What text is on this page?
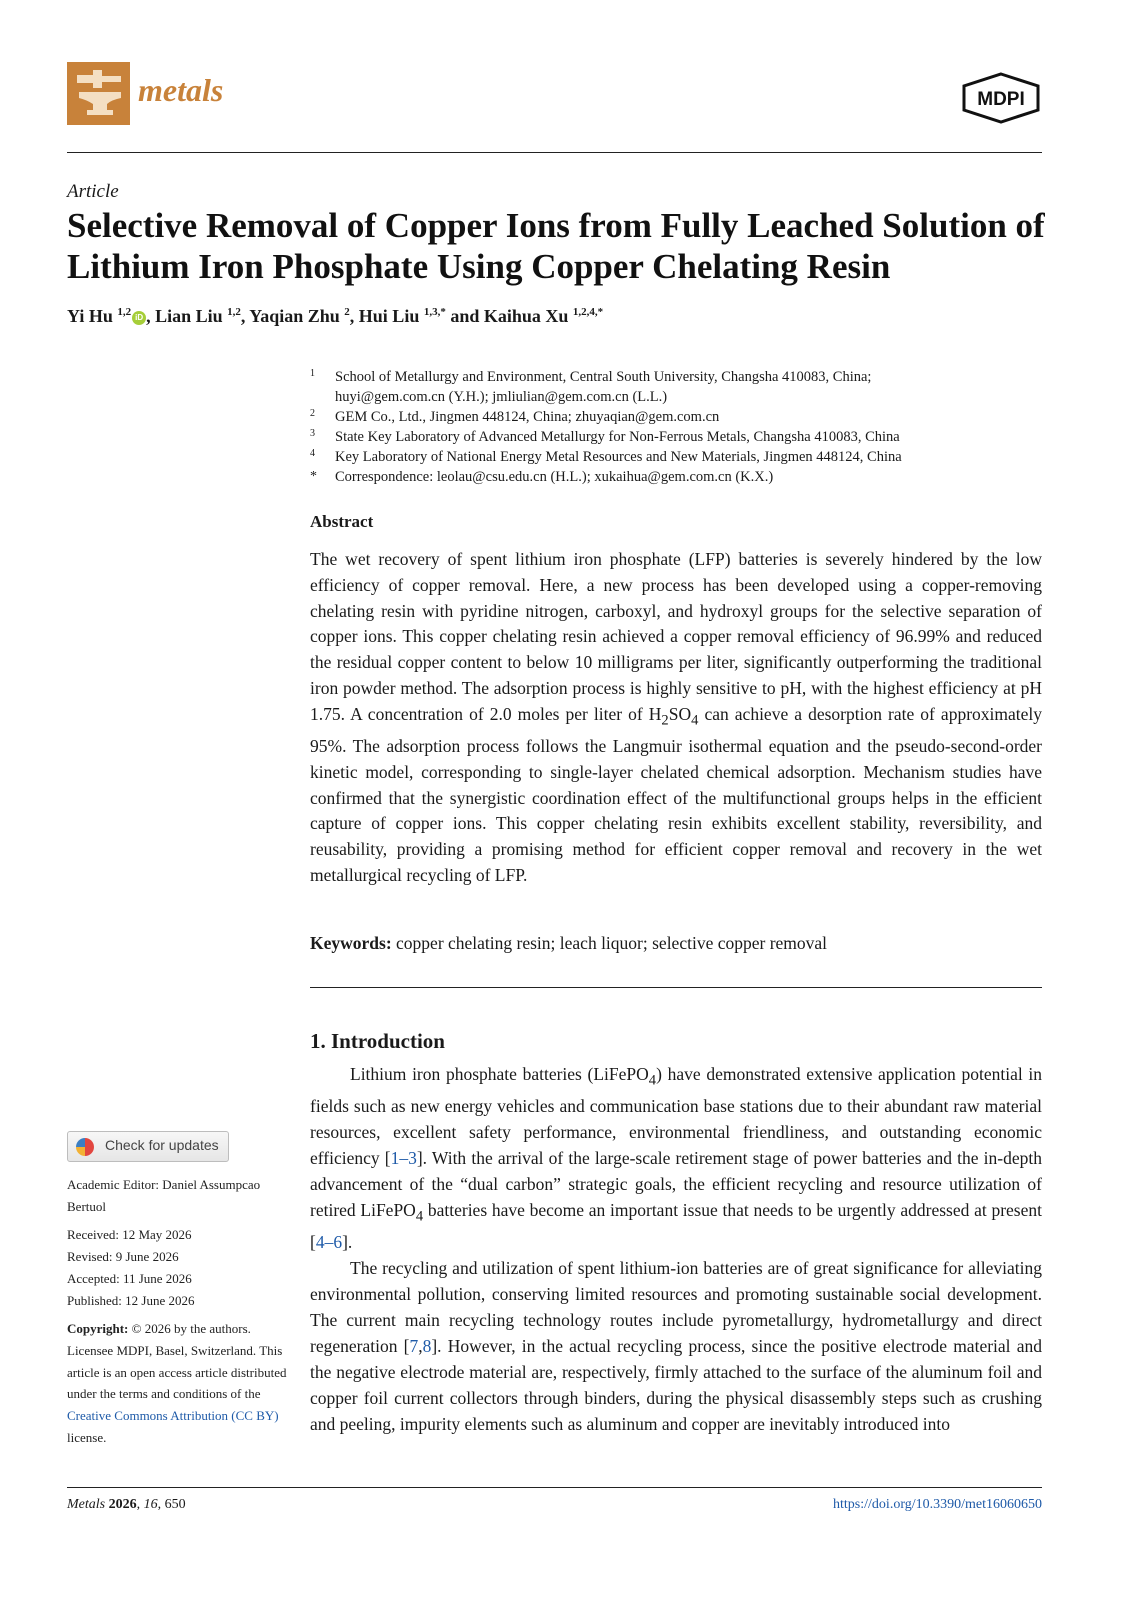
metals	MDPI
Article
Selective Removal of Copper Ions from Fully Leached Solution of Lithium Iron Phosphate Using Copper Chelating Resin
Yi Hu $^{1,2}$ iD , Lian Liu $^{1,2}$, Yaqian Zhu $^2$, Hui Liu $^{1,3,*}$ and Kaihua Xu $^{1,2,4,*}$
1 School of Metallurgy and Environment, Central South University, Changsha 410083, China;
huyi@gem.com.cn (Y.H.); jmliulian@gem.com.cn (L.L.)
2 GEM Co., Ltd., Jingmen 448124, China; zhuyaqian@gem.com.cn
3 State Key Laboratory of Advanced Metallurgy for Non-Ferrous Metals, Changsha 410083, China
4 Key Laboratory of National Energy Metal Resources and New Materials, Jingmen 448124, China
* Correspondence: leolau@csu.edu.cn (H.L.); xukaihua@gem.com.cn (K.X.)
Abstract
The wet recovery of spent lithium iron phosphate (LFP) batteries is severely hindered by the low efficiency of copper removal. Here, a new process has been developed using a copper-removing chelating resin with pyridine nitrogen, carboxyl, and hydroxyl groups for the selective separation of copper ions. This copper chelating resin achieved a copper removal efficiency of 96.99% and reduced the residual copper content to below 10 milligrams per liter, significantly outperforming the traditional iron powder method. The adsorption process is highly sensitive to pH, with the highest efficiency at pH 1.75. A concentration of 2.0 moles per liter of $H_2SO_4$ can achieve a desorption rate of approximately 95%. The adsorption process follows the Langmuir isothermal equation and the pseudo-second-order kinetic model, corresponding to single-layer chelated chemical adsorption. Mechanism studies have confirmed that the synergistic coordination effect of the multifunctional groups helps in the efficient capture of copper ions. This copper chelating resin exhibits excellent stability, reversibility, and reusability, providing a promising method for efficient copper removal and recovery in the wet metallurgical recycling of LFP.
Keywords: copper chelating resin; leach liquor; selective copper removal
1. Introduction

Lithium iron phosphate batteries (LiFePO$_4$) have demonstrated extensive application potential in fields such as new energy vehicles and communication base stations due to their abundant raw material resources, excellent safety performance, environmental friendliness, and outstanding economic efficiency [1–3]. With the arrival of the large-scale retirement stage of power batteries and the in-depth advancement of the “dual carbon” strategic goals, the efficient recycling and resource utilization of retired LiFePO$_4$ batteries have become an important issue that needs to be urgently addressed at present [4–6].

The recycling and utilization of spent lithium-ion batteries are of great significance for alleviating environmental pollution, conserving limited resources and promoting sustainable social development. The current main recycling technology routes include pyrometallurgy, hydrometallurgy and direct regeneration [7,8]. However, in the actual recycling process, since the positive electrode material and the negative electrode material are, respectively, firmly attached to the surface of the aluminum foil and copper foil current collectors through binders, during the physical disassembly steps such as crushing and peeling, impurity elements such as aluminum and copper are inevitably introduced into

Check for updates
Academic Editor: Daniel Assumpcao Bertuol
Received: 12 May 2026
Revised: 9 June 2026
Accepted: 11 June 2026
Published: 12 June 2026
Copyright: © 2026 by the authors. Licensee MDPI, Basel, Switzerland. This article is an open access article distributed under the terms and conditions of the Creative Commons Attribution (CC BY) license.
Metals 2026, 16, 650	https://doi.org/10.3390/met16060650
